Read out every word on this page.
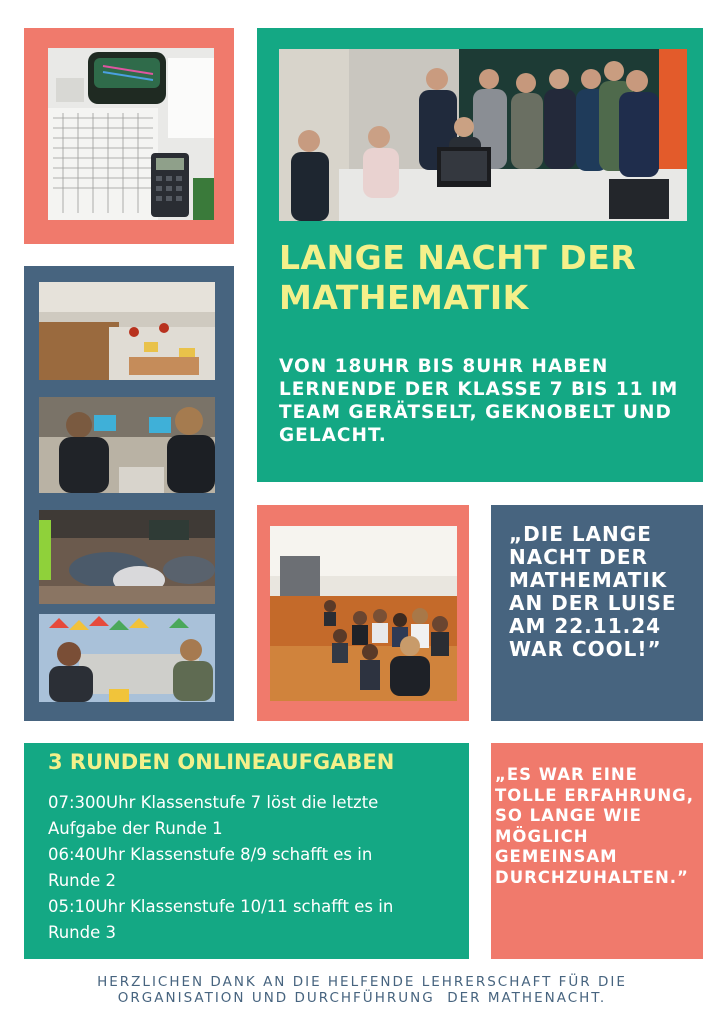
LANGE NACHT DER MATHEMATIK
VON 18UHR BIS 8UHR HABEN LERNENDE DER KLASSE 7 BIS 11 IM TEAM GERÄTSELT, GEKNOBELT UND GELACHT.
„DIE LANGE NACHT DER MATHEMATIK AN DER LUISE AM 22.11.24 WAR COOL!”
3 RUNDEN ONLINEAUFGABEN
07:300Uhr Klassenstufe 7 löst die letzte Aufgabe der Runde 1
06:40Uhr Klassenstufe 8/9 schafft es in Runde 2
05:10Uhr Klassenstufe 10/11 schafft es in Runde 3
„ES WAR EINE TOLLE ERFAHRUNG, SO LANGE WIE MÖGLICH GEMEINSAM DURCHZUHALTEN.”
HERZLICHEN DANK AN DIE HELFENDE LEHRERSCHAFT FÜR DIE
ORGANISATION UND DURCHFÜHRUNG  DER MATHENACHT.
